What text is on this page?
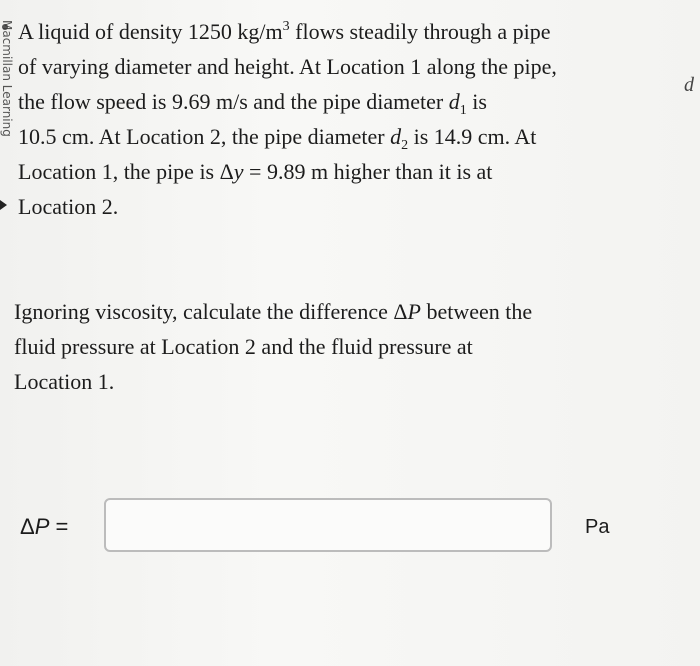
Macmillan Learning	d
A liquid of density 1250 $kg/m^3$ flows steadily through a pipe
of varying diameter and height. At Location 1 along the pipe,
the flow speed is 9.69 m/s and the pipe diameter $d_1$ is
10.5 cm. At Location 2, the pipe diameter $d_2$ is 14.9 cm. At
Location 1, the pipe is Δy = 9.89 m higher than it is at
Location 2.
Ignoring viscosity, calculate the difference ΔP between the
fluid pressure at Location 2 and the fluid pressure at
Location 1.
ΔP =	Pa
